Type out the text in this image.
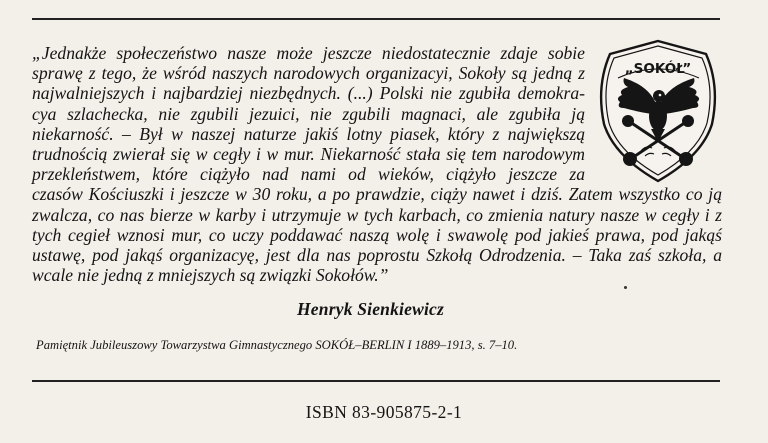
„Jednakże społeczeństwo nasze może jeszcze niedostatecznie zdaje sobie
sprawę z tego, że wśród naszych narodowych organizacyi, Sokoły są jedną z
najwalniejszych i najbardziej niezbędnych. (...) Polski nie zgubiła demokra-
cya szlachecka, nie zgubili jezuici, nie zgubili magnaci, ale zgubiła ją
niekarność. – Był w naszej naturze jakiś lotny piasek, który z największą
trudnością zwierał się w cegły i w mur. Niekarność stała się tem narodowym
przekleństwem, które ciążyło nad nami od wieków, ciążyło jeszcze za
czasów Kościuszki i jeszcze w 30 roku, a po prawdzie, ciąży nawet i dziś. Zatem wszystko co ją
zwalcza, co nas bierze w karby i utrzymuje w tych karbach, co zmienia natury nasze w cegły i z
tych cegieł wznosi mur, co uczy poddawać naszą wolę i swawolę pod jakieś prawa, pod jakąś
ustawę, pod jakąś organizacyę, jest dla nas poprostu Szkołą Odrodzenia. – Taka zaś szkoła, a
wcale nie jedną z mniejszych są związki Sokołów.”
„SOKÓŁ”
Henryk Sienkiewicz
Pamiętnik Jubileuszowy Towarzystwa Gimnastycznego SOKÓŁ–BERLIN I 1889–1913, s. 7–10.
ISBN 83-905875-2-1
